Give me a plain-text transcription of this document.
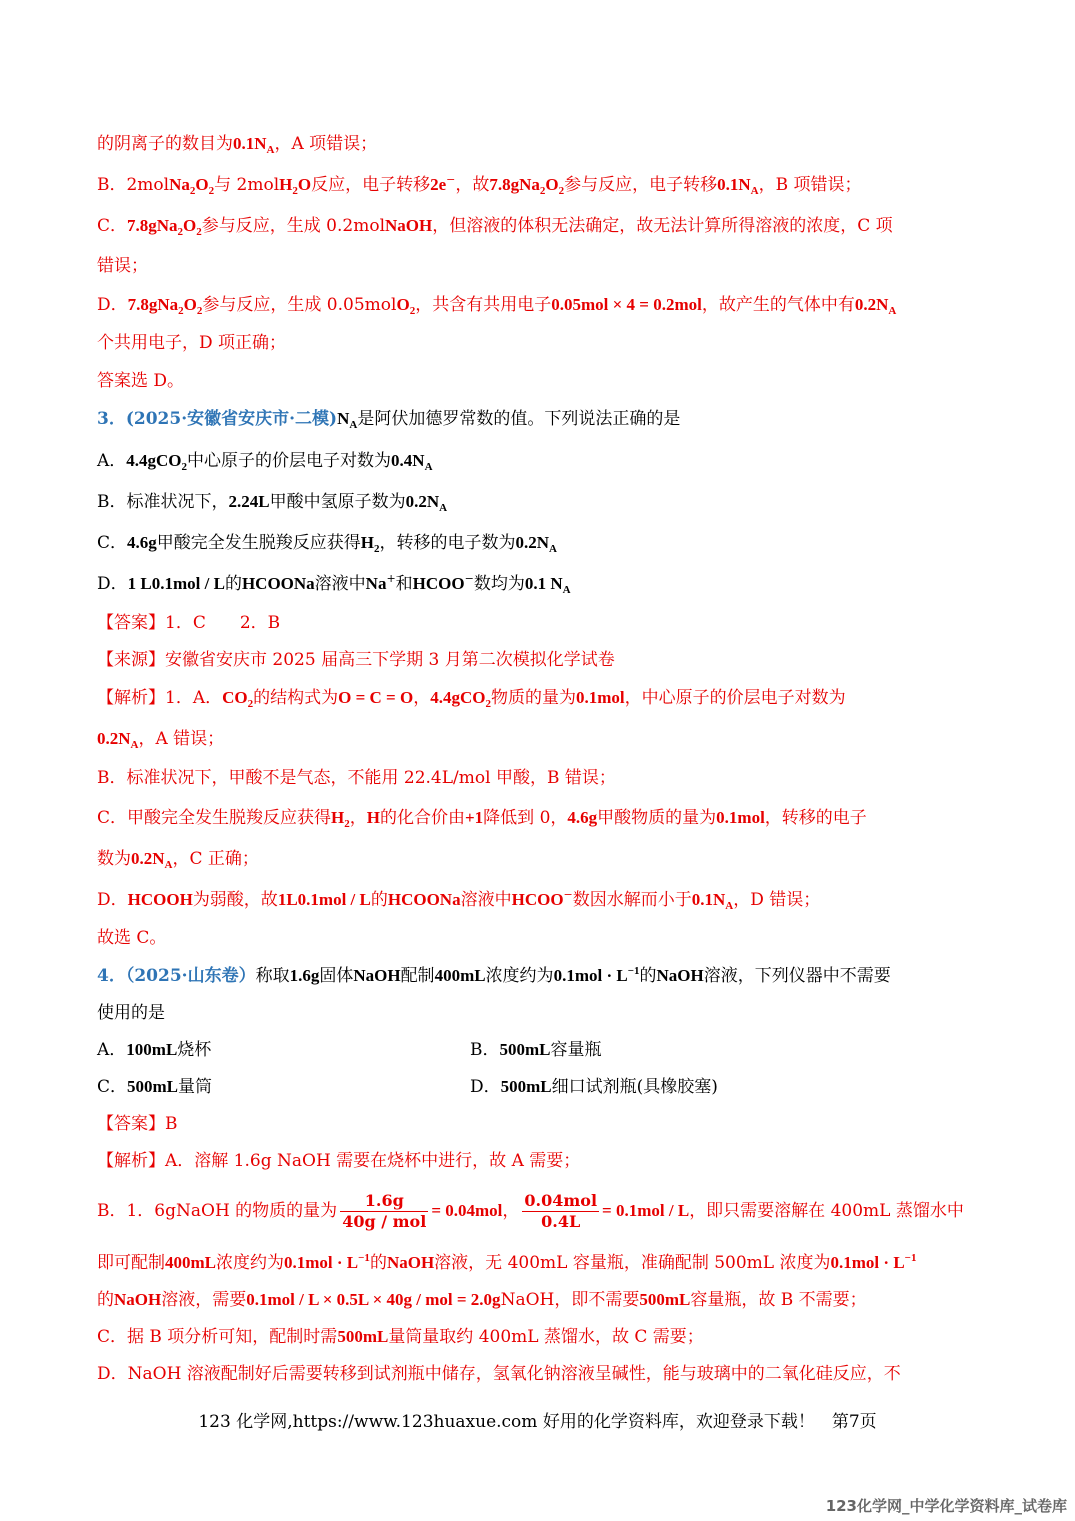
的阴离子的数目为$0.1N_A$，A 项错误；
B．$2molNa_2O_2$与 2molH$_2$O反应，电子转移2e−，故$7.8gNa_2O_2$参与反应，电子转移$0.1N_A$，B 项错误；
C．$7.8gNa_2O_2$参与反应，生成 0.2molNaOH，但溶液的体积无法确定，故无法计算所得溶液的浓度，C 项
错误；
D．$7.8gNa_2O_2$参与反应，生成 0.05molO$_2$，共含有共用电子0.05mol × 4 = 0.2mol，故产生的气体中有$0.2N_A$
个共用电子，D 项正确；
答案选 D。
3．(2025·安徽省安庆市·二模)$N_A$是阿伏加德罗常数的值。下列说法正确的是
A．4.4gCO$_2$中心原子的价层电子对数为$0.4N_A$
B．标准状况下，2.24L甲酸中氢原子数为$0.2N_A$
C．4.6g甲酸完全发生脱羧反应获得$H_2$，转移的电子数为$0.2N_A$
D．1 L0.1mol / L的HCOONa溶液中Na+和HCOO−数均为0.1 $N_A$
【答案】1．C　　2．B
【来源】安徽省安庆市 2025 届高三下学期 3 月第二次模拟化学试卷
【解析】1．A．$CO_2$的结构式为O = C = O，4.4gCO$_2$物质的量为0.1mol，中心原子的价层电子对数为
$0.2N_A$，A 错误；
B．标准状况下，甲酸不是气态，不能用 22.4L/mol 甲酸，B 错误；
C．甲酸完全发生脱羧反应获得$H_2$，H的化合价由+1降低到 0，4.6g甲酸物质的量为0.1mol，转移的电子
数为$0.2N_A$，C 正确；
D．HCOOH为弱酸，故1L0.1mol / L的HCOONa溶液中HCOO−数因水解而小于$0.1N_A$，D 错误；
故选 C。
4．（2025·山东卷）称取1.6g固体NaOH配制400mL浓度约为$0.1mol \cdot L^{-1}$的NaOH溶液，下列仪器中不需要
使用的是
A．100mL烧杯	B．500mL容量瓶
C．500mL量筒	D．500mL细口试剂瓶(具橡胶塞)
【答案】B
【解析】A．溶解 1.6g NaOH 需要在烧杯中进行，故 A 需要；
B．1．6gNaOH 的物质的量为 $\frac{1.6g}{\text{40g / mol}} = 0.04mol$， $\frac{\text{0.04mol}}{0.4L} = 0.1mol / L$，即只需要溶解在 400mL 蒸馏水中
即可配制400mL浓度约为$0.1mol \cdot L^{-1}$的NaOH溶液，无 400mL 容量瓶，准确配制 500mL 浓度为$0.1mol \cdot L^{-1}$
的NaOH溶液，需要0.1mol / L × 0.5L × 40g / mol = 2.0gNaOH，即不需要500mL容量瓶，故 B 不需要；
C．据 B 项分析可知，配制时需500mL量筒量取约 400mL 蒸馏水，故 C 需要；
D．NaOH 溶液配制好后需要转移到试剂瓶中储存，氢氧化钠溶液呈碱性，能与玻璃中的二氧化硅反应，不
123 化学网,https://www.123huaxue.com 好用的化学资料库，欢迎登录下载！　第7页
123化学网_中学化学资料库_试卷库
